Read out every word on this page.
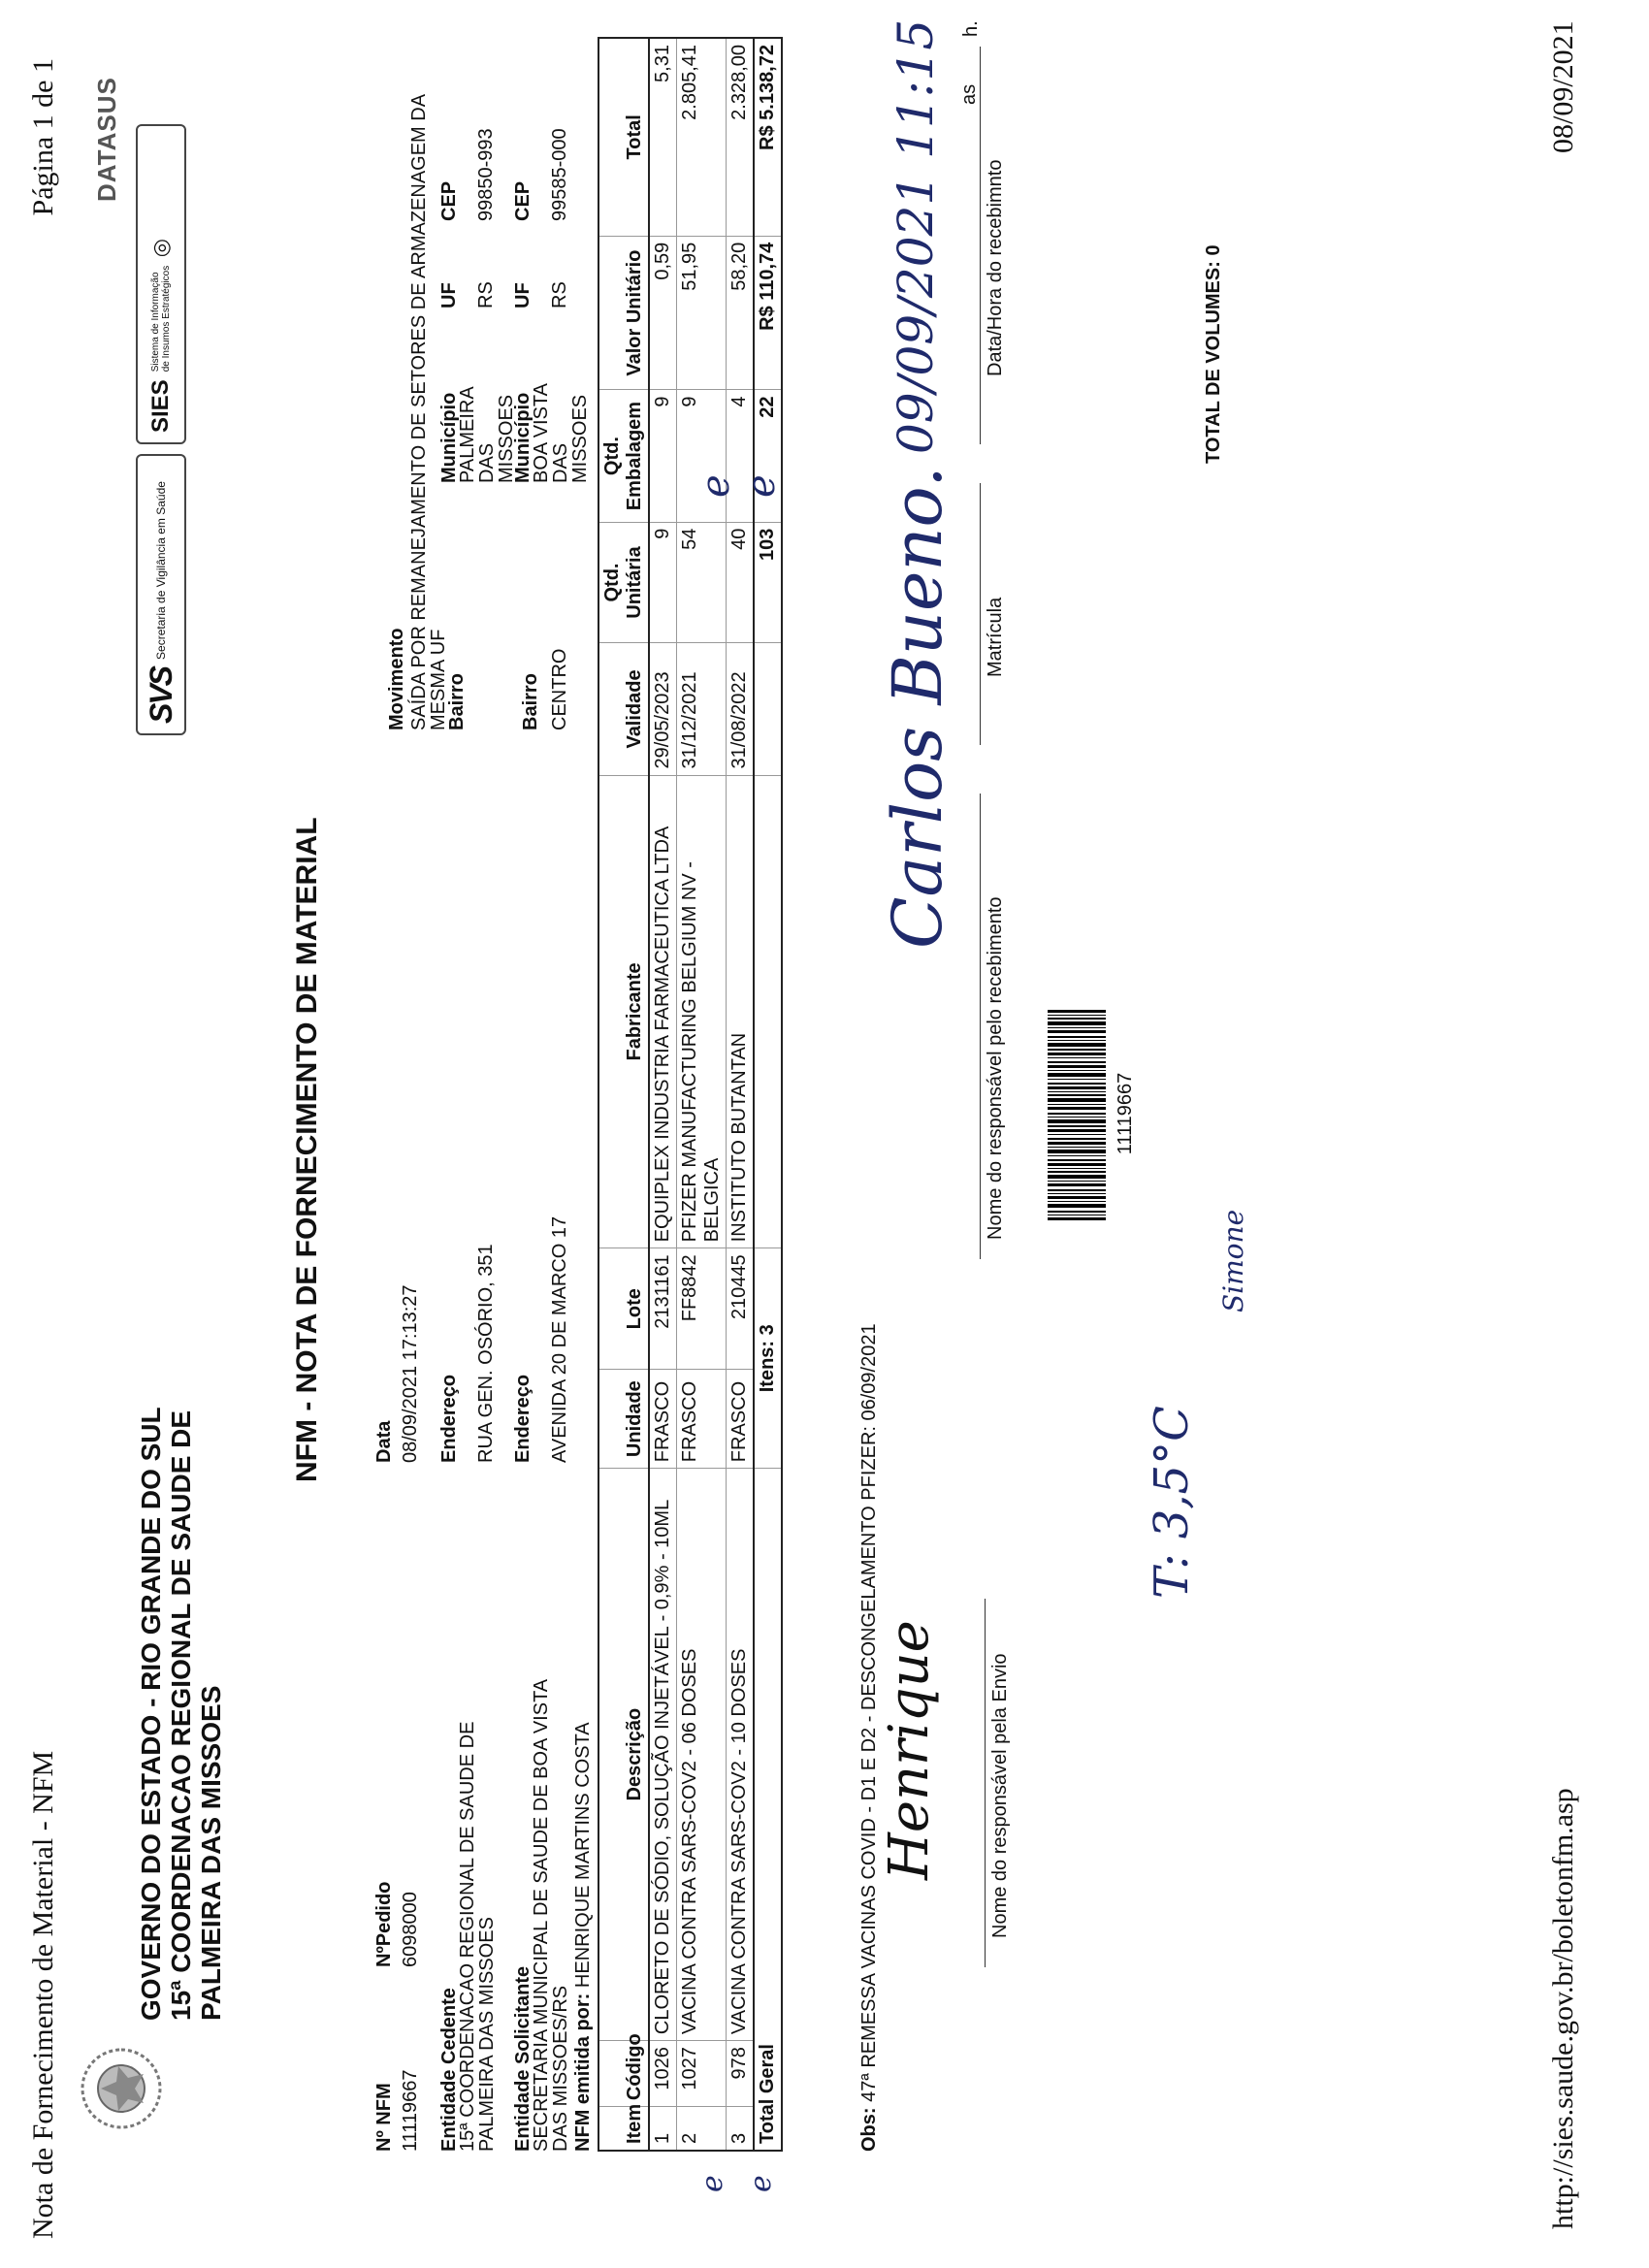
Nota de Fornecimento de Material - NFM
Página 1 de 1
GOVERNO DO ESTADO - RIO GRANDE DO SUL 15ª COORDENACAO REGIONAL DE SAUDE DE PALMEIRA DAS MISSOES
SVS
Secretaria de Vigilância em Saúde
SIES
Sistema de Informação de Insumos Estratégicos
◎
DATASUS
NFM - NOTA DE FORNECIMENTO DE MATERIAL
Nº NFM 11119667
NºPedido 6098000
Data 08/09/2021 17:13:27
Movimento SAÍDA POR REMANEJAMENTO DE SETORES DE ARMAZENAGEM DA MESMA UF
Entidade Cedente
15ª COORDENACAO REGIONAL DE SAUDE DE PALMEIRA DAS MISSOES
Endereço RUA GEN. OSÓRIO, 351
Bairro
Município
PALMEIRA DAS MISSOES
UF RS
CEP 99850-993
Entidade Solicitante
SECRETARIA MUNICIPAL DE SAUDE DE BOA VISTA DAS MISSOES/RS
Endereço AVENIDA 20 DE MARCO 17
Bairro CENTRO
Município
BOA VISTA DAS MISSOES
UF RS
CEP 99585-000
NFM emitida por: HENRIQUE MARTINS COSTA
Item	Código	Descrição	Unidade	Lote	Fabricante	Validade	Qtd. Unitária	Qtd. Embalagem	Valor Unitário	Total
1	1026	CLORETO DE SÓDIO, SOLUÇÃO INJETÁVEL - 0,9% - 10ML	FRASCO	2131161	EQUIPLEX INDUSTRIA FARMACEUTICA LTDA	29/05/2023	9	9	0,59	5,31
2	1027	VACINA CONTRA SARS-COV2 - 06 DOSES	FRASCO	FF8842	PFIZER MANUFACTURING BELGIUM NV - BELGICA	31/12/2021	54	9	51,95	2.805,41
3	978	VACINA CONTRA SARS-COV2 - 10 DOSES	FRASCO	210445	INSTITUTO BUTANTAN	31/08/2022	40	4	58,20	2.328,00
Total Geral			Itens: 3				103	22	R$ 110,74	R$ 5.138,72
Obs: 47ª REMESSA VACINAS COVID - D1 E D2 - DESCONGELAMENTO PFIZER: 06/09/2021
e e
e e
Henrique	Nome do responsável pela Envio
Carlos Bueno.
Nome do responsável pelo recebimento
Matrícula
09/09/2021 11:15 as
h.
Data/Hora do recebimnto
11119667
T: 3,5°C
Simone
TOTAL DE VOLUMES: 0
http://sies.saude.gov.br/boletonfm.asp
08/09/2021
